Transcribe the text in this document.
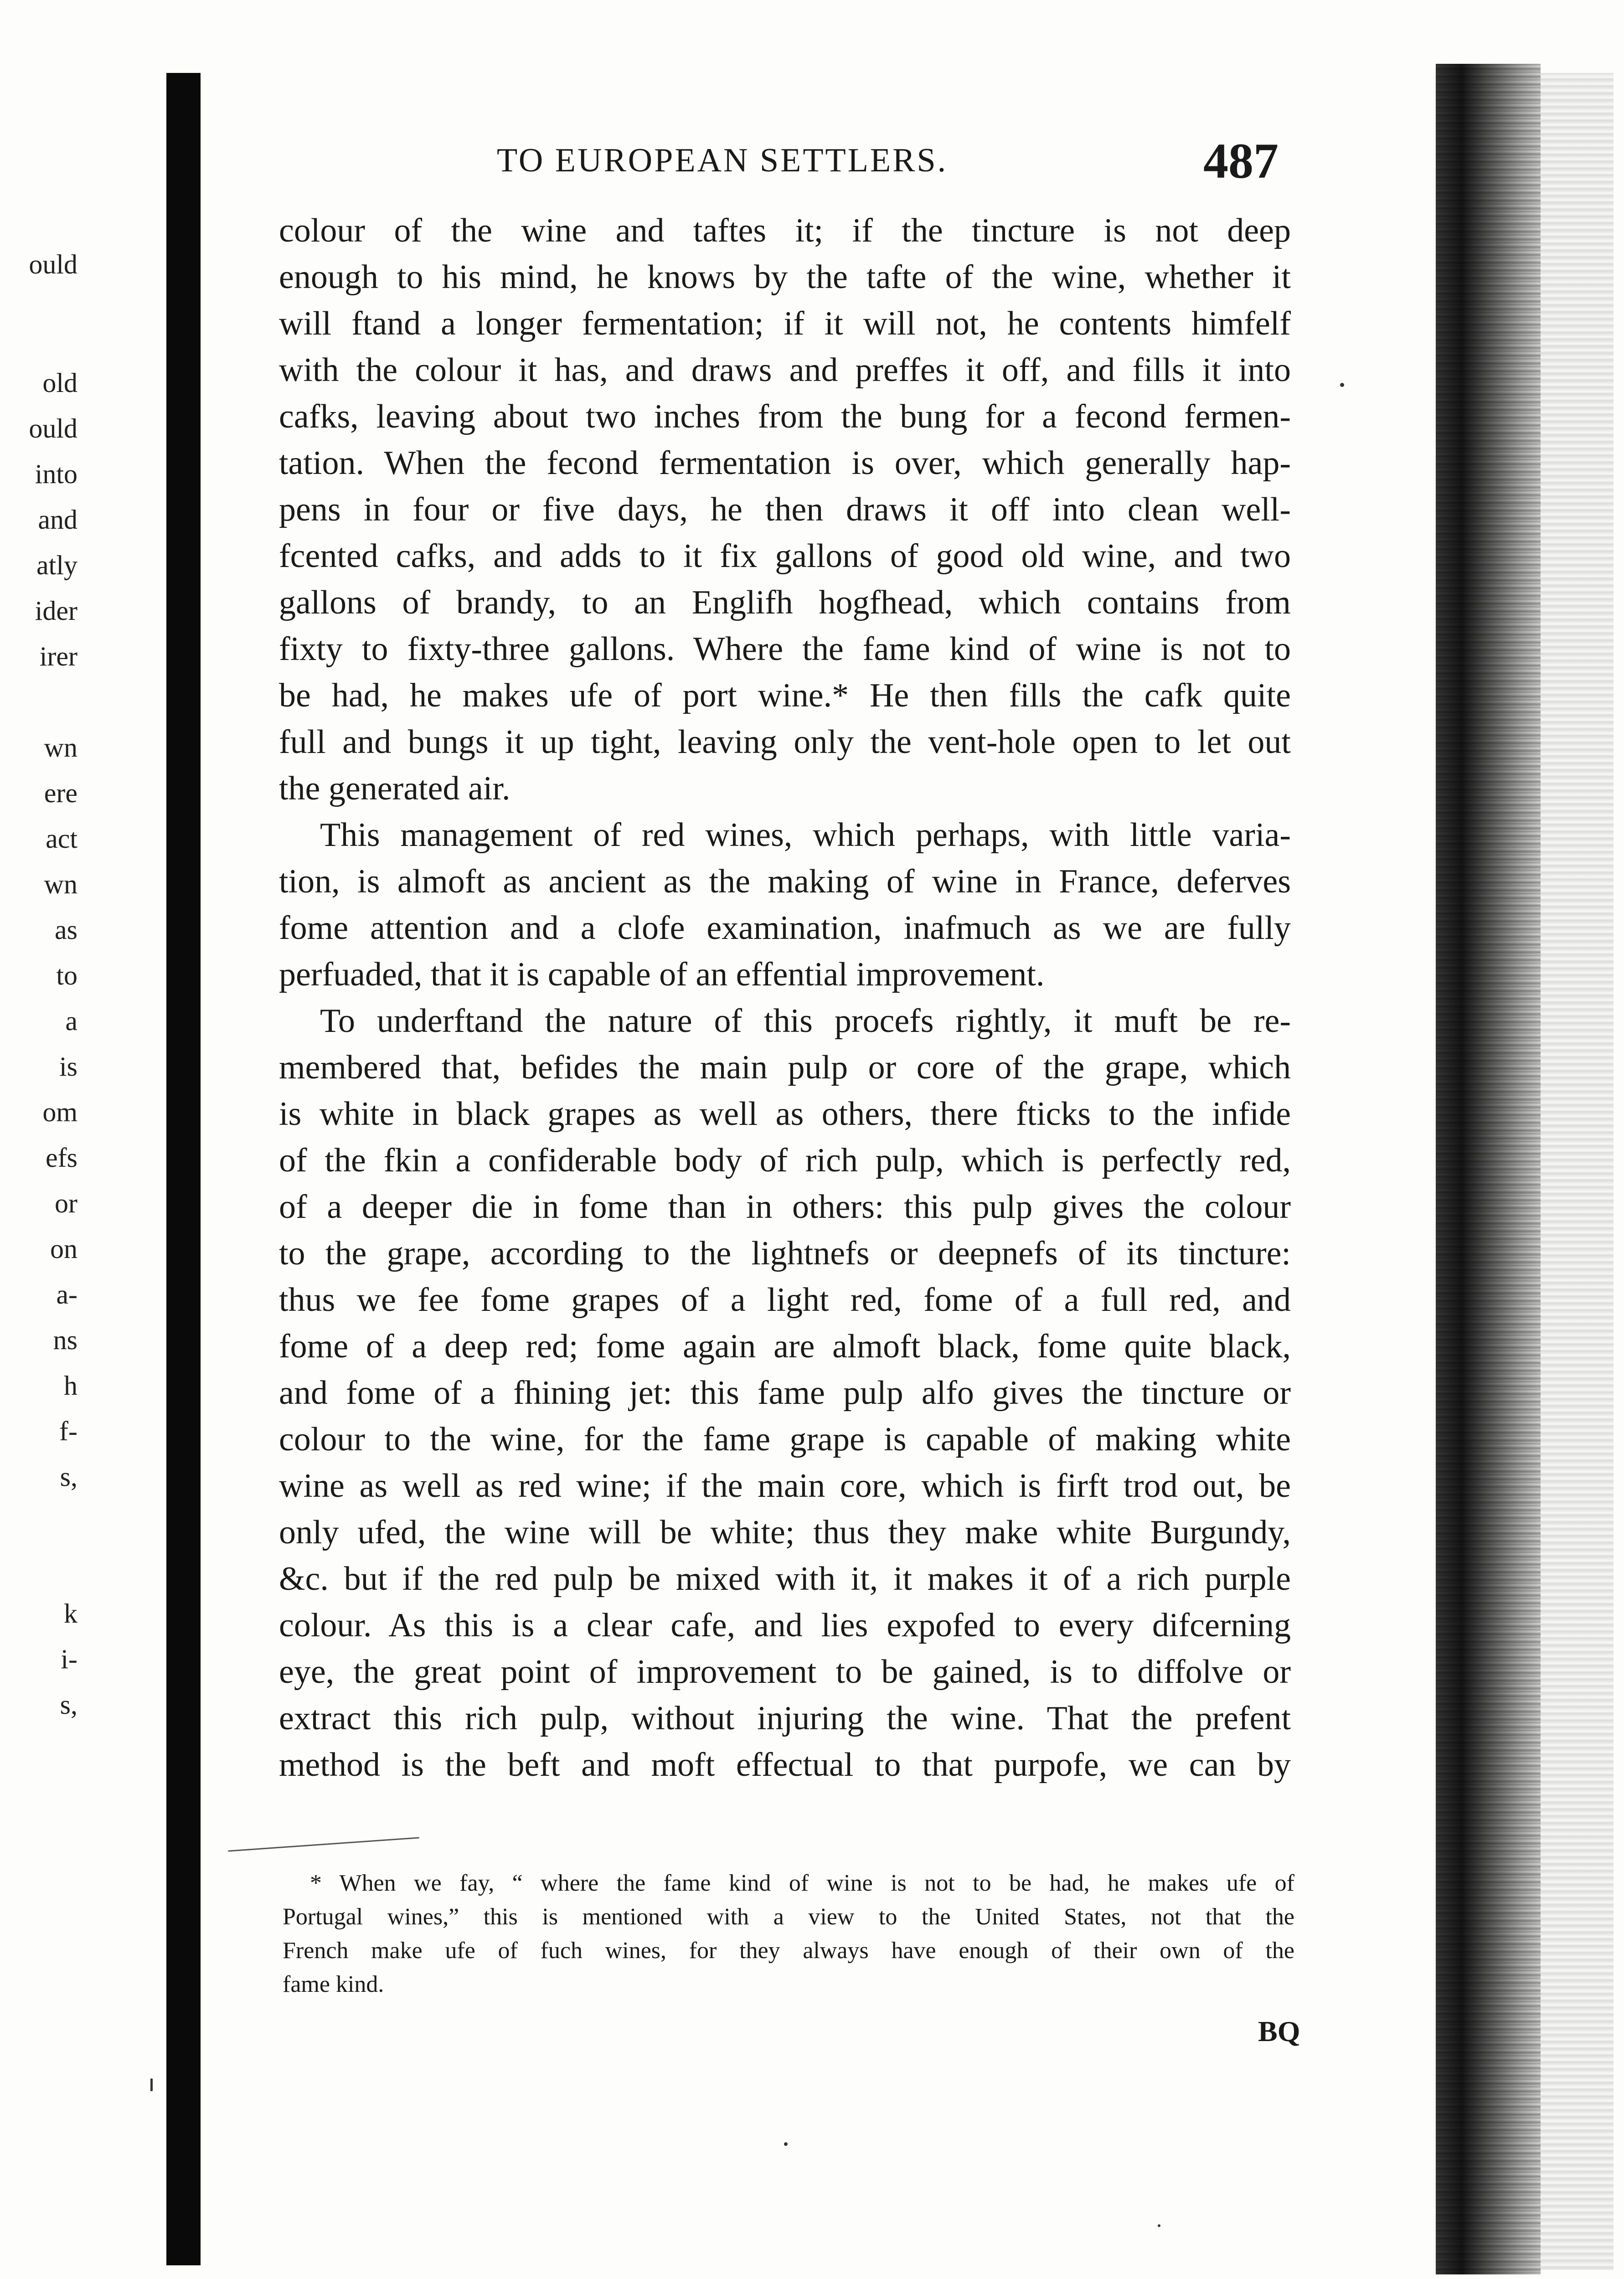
ould
old
ould
into
and
atly
ider
irer
wn
ere
act
wn
as
to
a
is
om
efs
or
on
a-
ns
h
f-
s,
k
i-
s,
TO EUROPEAN SETTLERS.	487
colour of the wine and taftes it; if the tincture is not deep
enough to his mind, he knows by the tafte of the wine, whether it
will ftand a longer fermentation; if it will not, he contents himfelf
with the colour it has, and draws and preffes it off, and fills it into
cafks, leaving about two inches from the bung for a fecond fermen-
tation. When the fecond fermentation is over, which generally hap-
pens in four or five days, he then draws it off into clean well-
fcented cafks, and adds to it fix gallons of good old wine, and two
gallons of brandy, to an Englifh hogfhead, which contains from
fixty to fixty-three gallons. Where the fame kind of wine is not to
be had, he makes ufe of port wine.* He then fills the cafk quite
full and bungs it up tight, leaving only the vent-hole open to let out
the generated air.
This management of red wines, which perhaps, with little varia-
tion, is almoft as ancient as the making of wine in France, deferves
fome attention and a clofe examination, inafmuch as we are fully
perfuaded, that it is capable of an effential improvement.
To underftand the nature of this procefs rightly, it muft be re-
membered that, befides the main pulp or core of the grape, which
is white in black grapes as well as others, there fticks to the infide
of the fkin a confiderable body of rich pulp, which is perfectly red,
of a deeper die in fome than in others: this pulp gives the colour
to the grape, according to the lightnefs or deepnefs of its tincture:
thus we fee fome grapes of a light red, fome of a full red, and
fome of a deep red; fome again are almoft black, fome quite black,
and fome of a fhining jet: this fame pulp alfo gives the tincture or
colour to the wine, for the fame grape is capable of making white
wine as well as red wine; if the main core, which is firft trod out, be
only ufed, the wine will be white; thus they make white Burgundy,
&c. but if the red pulp be mixed with it, it makes it of a rich purple
colour. As this is a clear cafe, and lies expofed to every difcerning
eye, the great point of improvement to be gained, is to diffolve or
extract this rich pulp, without injuring the wine. That the prefent
method is the beft and moft effectual to that purpofe, we can by
* When we fay, “ where the fame kind of wine is not to be had, he makes ufe of
Portugal wines,” this is mentioned with a view to the United States, not that the
French make ufe of fuch wines, for they always have enough of their own of the
fame kind.
BQ
